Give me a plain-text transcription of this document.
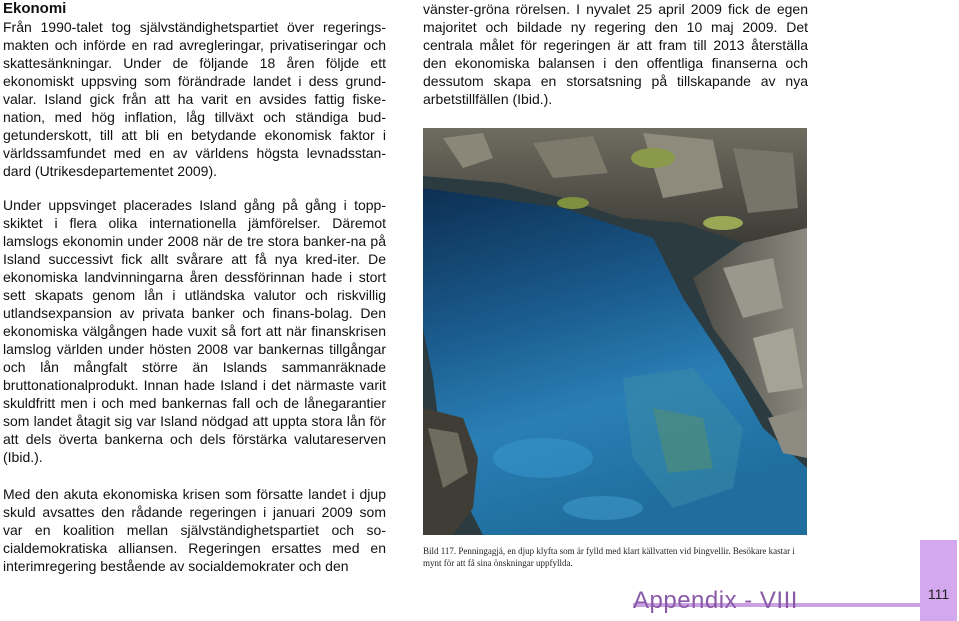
Ekonomi

Från 1990-talet tog självständighetspartiet över regerings-makten och införde en rad avregleringar, privatiseringar och skattesänkningar. Under de följande 18 åren följde ett ekonomiskt uppsving som förändrade landet i dess grund-valar. Island gick från att ha varit en avsides fattig fiske-nation, med hög inflation, låg tillväxt och ständiga bud-getunderskott, till att bli en betydande ekonomisk faktor i världssamfundet med en av världens högsta levnadsstan-dard (Utrikesdepartementet 2009).

Under uppsvinget placerades Island gång på gång i topp-skiktet i flera olika internationella jämförelser. Däremot lamslogs ekonomin under 2008 när de tre stora banker-na på Island successivt fick allt svårare att få nya kred-iter. De ekonomiska landvinningarna åren dessförinnan hade i stort sett skapats genom lån i utländska valutor och riskvillig utlandsexpansion av privata banker och finans-bolag. Den ekonomiska välgången hade vuxit så fort att när finanskrisen lamslog världen under hösten 2008 var bankernas tillgångar och lån mångfalt större än Islands sammanräknade bruttonationalprodukt. Innan hade Island i det närmaste varit skuldfritt men i och med bankernas fall och de lånegarantier som landet åtagit sig var Island nödgad att uppta stora lån för att dels överta bankerna och dels förstärka valutareserven (Ibid.).

Med den akuta ekonomiska krisen som försatte landet i djup skuld avsattes den rådande regeringen i januari 2009 som var en koalition mellan självständighetspartiet och so-cialdemokratiska alliansen. Regeringen ersattes med en interimregering bestående av socialdemokrater och den

vänster-gröna rörelsen. I nyvalet 25 april 2009 fick de egen majoritet och bildade ny regering den 10 maj 2009. Det centrala målet för regeringen är att fram till 2013 återställa den ekonomiska balansen i den offentliga finanserna och dessutom skapa en storsatsning på tillskapande av nya arbetstillfällen (Ibid.).

Bild 117. Penningagjá, en djup klyfta som är fylld med klart källvatten vid Þingvellir. Besökare kastar i mynt för att få sina önskningar uppfyllda.

Appendix - VIII	111
